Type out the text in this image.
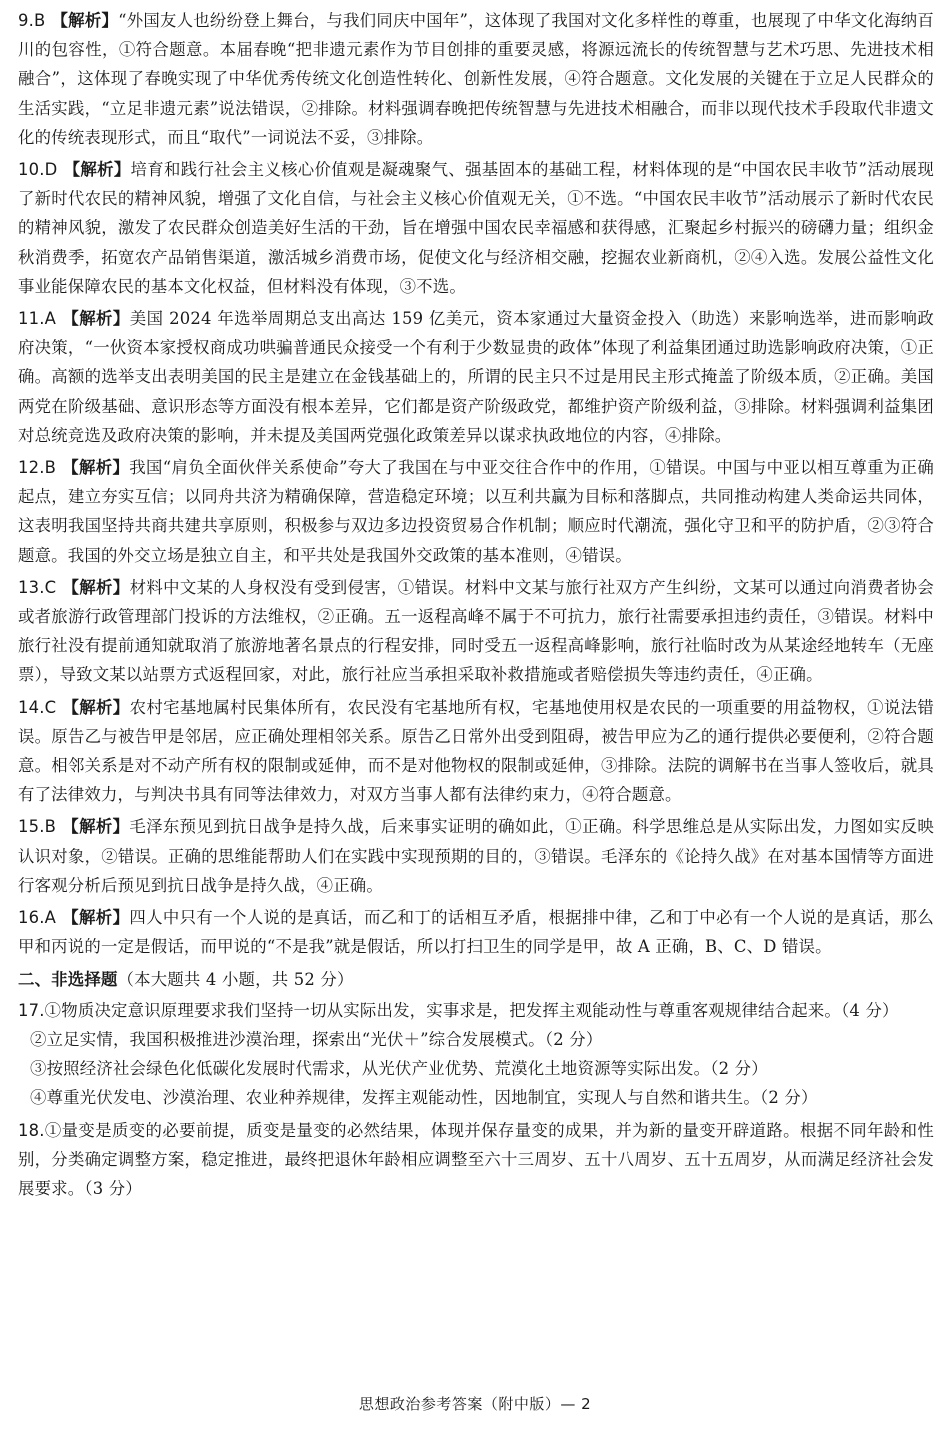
9.B 【解析】“外国友人也纷纷登上舞台，与我们同庆中国年”，这体现了我国对文化多样性的尊重，也展现了中华文化海纳百川的包容性，①符合题意。本届春晚“把非遗元素作为节目创排的重要灵感，将源远流长的传统智慧与艺术巧思、先进技术相融合”，这体现了春晚实现了中华优秀传统文化创造性转化、创新性发展，④符合题意。文化发展的关键在于立足人民群众的生活实践，“立足非遗元素”说法错误，②排除。材料强调春晚把传统智慧与先进技术相融合，而非以现代技术手段取代非遗文化的传统表现形式，而且“取代”一词说法不妥，③排除。

10.D 【解析】培育和践行社会主义核心价值观是凝魂聚气、强基固本的基础工程，材料体现的是“中国农民丰收节”活动展现了新时代农民的精神风貌，增强了文化自信，与社会主义核心价值观无关，①不选。“中国农民丰收节”活动展示了新时代农民的精神风貌，激发了农民群众创造美好生活的干劲，旨在增强中国农民幸福感和获得感，汇聚起乡村振兴的磅礴力量；组织金秋消费季，拓宽农产品销售渠道，激活城乡消费市场，促使文化与经济相交融，挖掘农业新商机，②④入选。发展公益性文化事业能保障农民的基本文化权益，但材料没有体现，③不选。

11.A 【解析】美国 2024 年选举周期总支出高达 159 亿美元，资本家通过大量资金投入（助选）来影响选举，进而影响政府决策，“一伙资本家授权商成功哄骗普通民众接受一个有利于少数显贵的政体”体现了利益集团通过助选影响政府决策，①正确。高额的选举支出表明美国的民主是建立在金钱基础上的，所谓的民主只不过是用民主形式掩盖了阶级本质，②正确。美国两党在阶级基础、意识形态等方面没有根本差异，它们都是资产阶级政党，都维护资产阶级利益，③排除。材料强调利益集团对总统竞选及政府决策的影响，并未提及美国两党强化政策差异以谋求执政地位的内容，④排除。

12.B 【解析】我国“肩负全面伙伴关系使命”夸大了我国在与中亚交往合作中的作用，①错误。中国与中亚以相互尊重为正确起点，建立夯实互信；以同舟共济为精确保障，营造稳定环境；以互利共赢为目标和落脚点，共同推动构建人类命运共同体，这表明我国坚持共商共建共享原则，积极参与双边多边投资贸易合作机制；顺应时代潮流，强化守卫和平的防护盾，②③符合题意。我国的外交立场是独立自主，和平共处是我国外交政策的基本准则，④错误。

13.C 【解析】材料中文某的人身权没有受到侵害，①错误。材料中文某与旅行社双方产生纠纷，文某可以通过向消费者协会或者旅游行政管理部门投诉的方法维权，②正确。五一返程高峰不属于不可抗力，旅行社需要承担违约责任，③错误。材料中旅行社没有提前通知就取消了旅游地著名景点的行程安排，同时受五一返程高峰影响，旅行社临时改为从某途经地转车（无座票），导致文某以站票方式返程回家，对此，旅行社应当承担采取补救措施或者赔偿损失等违约责任，④正确。

14.C 【解析】农村宅基地属村民集体所有，农民没有宅基地所有权，宅基地使用权是农民的一项重要的用益物权，①说法错误。原告乙与被告甲是邻居，应正确处理相邻关系。原告乙日常外出受到阻碍，被告甲应为乙的通行提供必要便利，②符合题意。相邻关系是对不动产所有权的限制或延伸，而不是对他物权的限制或延伸，③排除。法院的调解书在当事人签收后，就具有了法律效力，与判决书具有同等法律效力，对双方当事人都有法律约束力，④符合题意。

15.B 【解析】毛泽东预见到抗日战争是持久战，后来事实证明的确如此，①正确。科学思维总是从实际出发，力图如实反映认识对象，②错误。正确的思维能帮助人们在实践中实现预期的目的，③错误。毛泽东的《论持久战》在对基本国情等方面进行客观分析后预见到抗日战争是持久战，④正确。

16.A 【解析】四人中只有一个人说的是真话，而乙和丁的话相互矛盾，根据排中律，乙和丁中必有一个人说的是真话，那么甲和丙说的一定是假话，而甲说的“不是我”就是假话，所以打扫卫生的同学是甲，故 A 正确，B、C、D 错误。

二、非选择题（本大题共 4 小题，共 52 分）

17.①物质决定意识原理要求我们坚持一切从实际出发，实事求是，把发挥主观能动性与尊重客观规律结合起来。（4 分）

②立足实情，我国积极推进沙漠治理，探索出“光伏＋”综合发展模式。（2 分）

③按照经济社会绿色化低碳化发展时代需求，从光伏产业优势、荒漠化土地资源等实际出发。（2 分）

④尊重光伏发电、沙漠治理、农业种养规律，发挥主观能动性，因地制宜，实现人与自然和谐共生。（2 分）

18.①量变是质变的必要前提，质变是量变的必然结果，体现并保存量变的成果，并为新的量变开辟道路。根据不同年龄和性别，分类确定调整方案，稳定推进，最终把退休年龄相应调整至六十三周岁、五十八周岁、五十五周岁，从而满足经济社会发展要求。（3 分）

思想政治参考答案（附中版）— 2
